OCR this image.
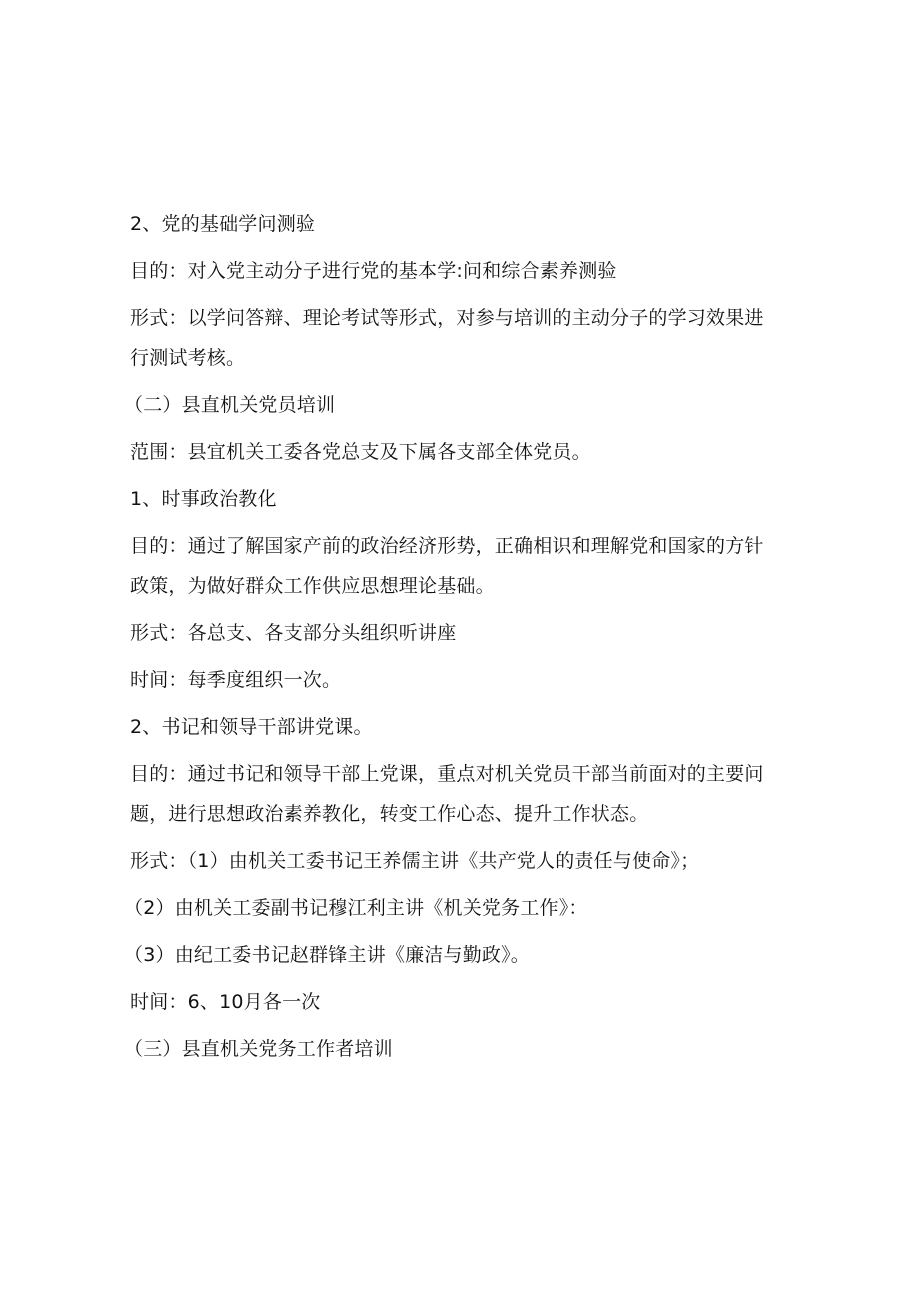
2、党的基础学问测验

目的：对入党主动分子进行党的基本学:问和综合素养测验

形式：以学问答辩、理论考试等形式，对参与培训的主动分子的学习效果进行测试考核。

（二）县直机关党员培训

范围：县宜机关工委各党总支及下属各支部全体党员。

1、时事政治教化

目的：通过了解国家产前的政治经济形势，正确相识和理解党和国家的方针政策，为做好群众工作供应思想理论基础。

形式：各总支、各支部分头组织听讲座

时间：每季度组织一次。

2、书记和领导干部讲党课。

目的：通过书记和领导干部上党课，重点对机关党员干部当前面对的主要问题，进行思想政治素养教化，转变工作心态、提升工作状态。

形式：（1）由机关工委书记王养儒主讲《共产党人的责任与使命》；

（2）由机关工委副书记穆江利主讲《机关党务工作》：

（3）由纪工委书记赵群锋主讲《廉洁与勤政》。

时间：6、10月各一次

（三）县直机关党务工作者培训
